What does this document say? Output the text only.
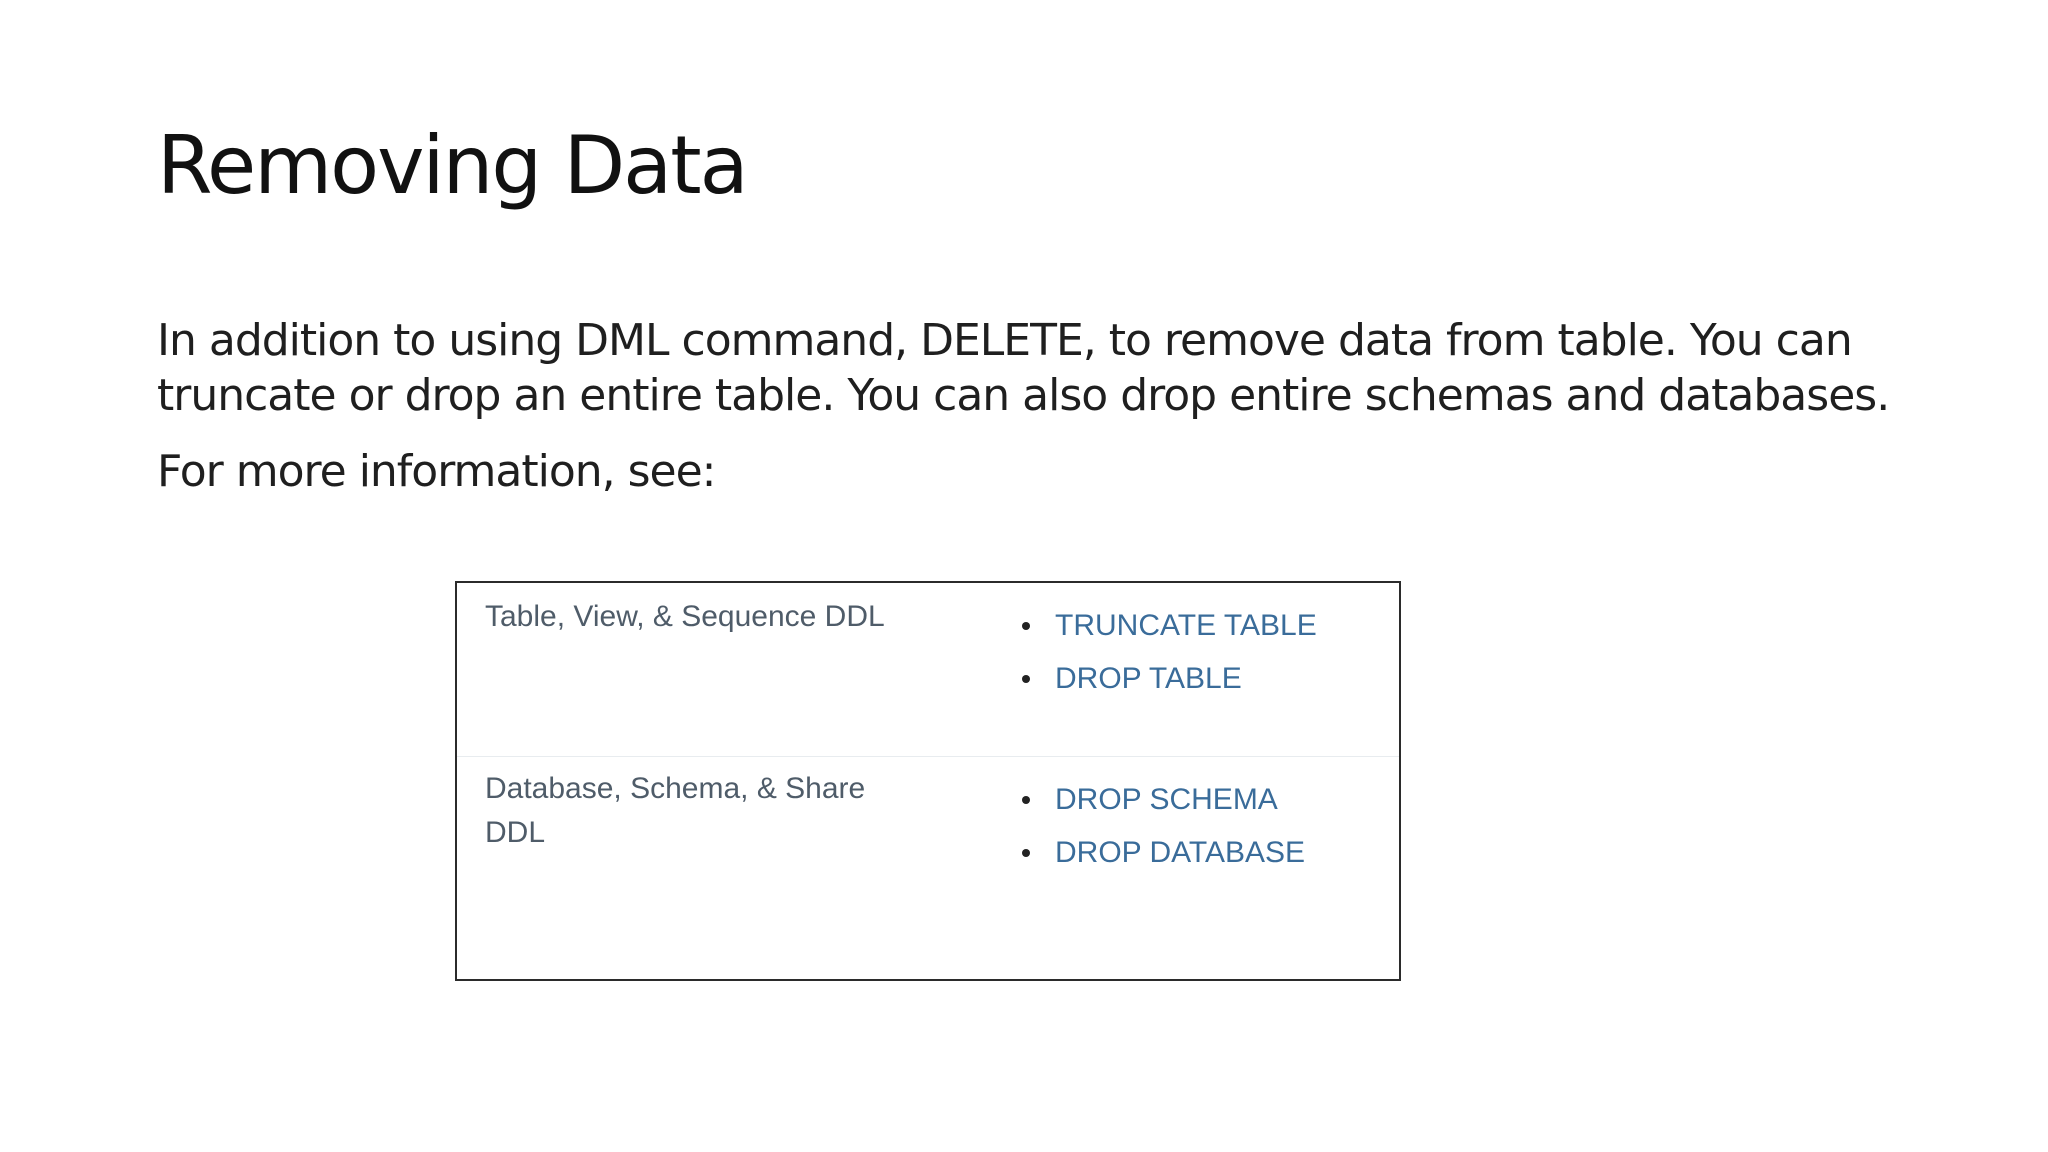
Removing Data

In addition to using DML command, DELETE, to remove data from table. You can truncate or drop an entire table. You can also drop entire schemas and databases.

For more information, see:

Table, View, & Sequence DDL	TRUNCATE TABLE
DROP TABLE

Database, Schema, & Share DDL

DROP SCHEMA
DROP DATABASE
